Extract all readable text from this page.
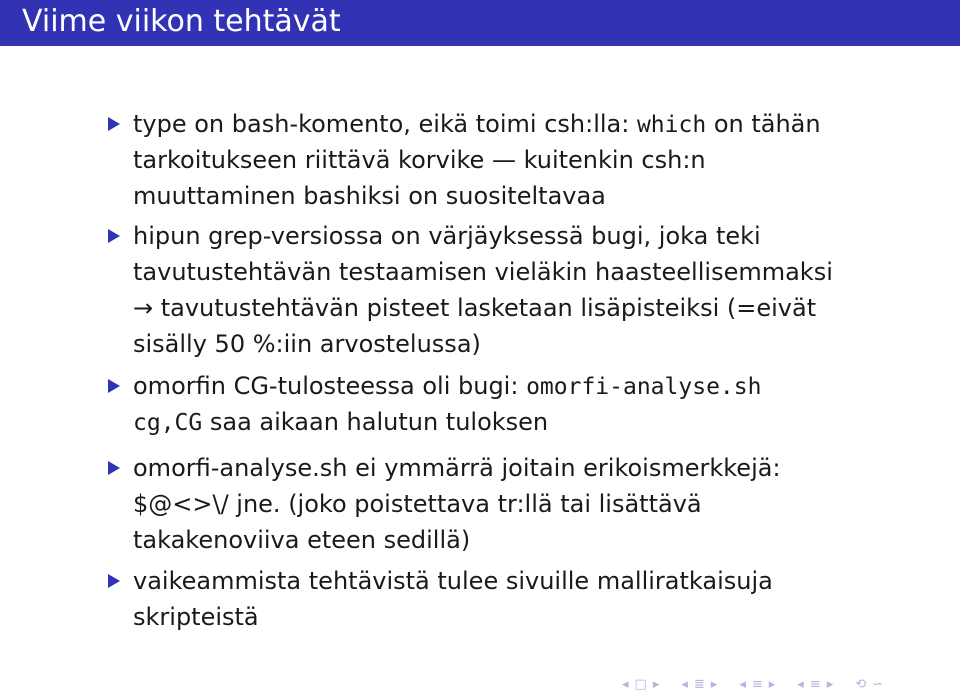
Viime viikon tehtävät
type on bash-komento, eikä toimi csh:lla: which on tähän
tarkoitukseen riittävä korvike — kuitenkin csh:n
muuttaminen bashiksi on suositeltavaa
hipun grep-versiossa on värjäyksessä bugi, joka teki
tavutustehtävän testaamisen vieläkin haasteellisemmaksi
→ tavutustehtävän pisteet lasketaan lisäpisteiksi (=eivät
sisälly 50 %:iin arvostelussa)
omorfin CG-tulosteessa oli bugi: omorfi-analyse.sh
cg,CG saa aikaan halutun tuloksen
omorfi-analyse.sh ei ymmärrä joitain erikoismerkkejä:
$@<>\/ jne. (joko poistettava tr:llä tai lisättävä
takakenoviiva eteen sedillä)
vaikeammista tehtävistä tulee sivuille malliratkaisuja
skripteistä
◂ □ ▸ ◂ ≣ ▸ ◂ ≡ ▸ ◂ ≡ ▸ ⟲ ∽
